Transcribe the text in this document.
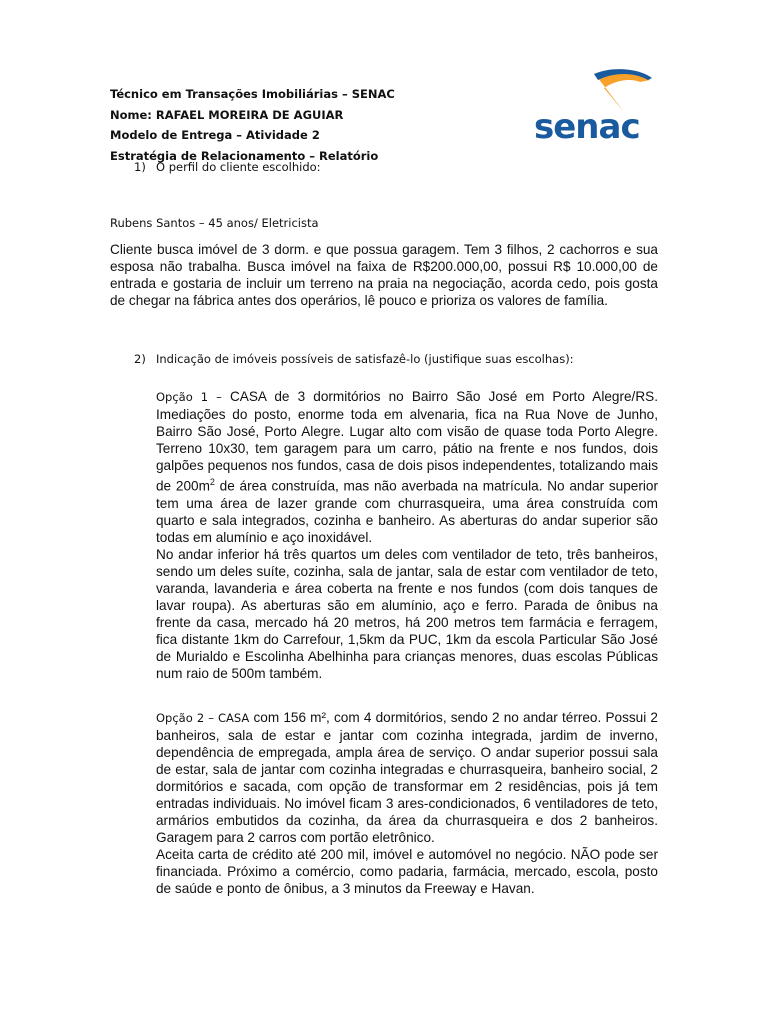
Técnico em Transações Imobiliárias – SENAC
Nome: RAFAEL MOREIRA DE AGUIAR
Modelo de Entrega – Atividade 2
Estratégia de Relacionamento – Relatório
senac
1) O perfil do cliente escolhido:
Rubens Santos – 45 anos/ Eletricista
Cliente busca imóvel de 3 dorm. e que possua garagem. Tem 3 filhos, 2 cachorros e sua esposa não trabalha. Busca imóvel na faixa de R$200.000,00, possui R$ 10.000,00 de entrada e gostaria de incluir um terreno na praia na negociação, acorda cedo, pois gosta de chegar na fábrica antes dos operários, lê pouco e prioriza os valores de família.
2) Indicação de imóveis possíveis de satisfazê-lo (justifique suas escolhas):
Opção 1 – CASA de 3 dormitórios no Bairro São José em Porto Alegre/RS. Imediações do posto, enorme toda em alvenaria, fica na Rua Nove de Junho, Bairro São José, Porto Alegre. Lugar alto com visão de quase toda Porto Alegre. Terreno 10x30, tem garagem para um carro, pátio na frente e nos fundos, dois galpões pequenos nos fundos, casa de dois pisos independentes, totalizando mais de $200m^2$ de área construída, mas não averbada na matrícula. No andar superior tem uma área de lazer grande com churrasqueira, uma área construída com quarto e sala integrados, cozinha e banheiro. As aberturas do andar superior são todas em alumínio e aço inoxidável.
No andar inferior há três quartos um deles com ventilador de teto, três banheiros, sendo um deles suíte, cozinha, sala de jantar, sala de estar com ventilador de teto, varanda, lavanderia e área coberta na frente e nos fundos (com dois tanques de lavar roupa). As aberturas são em alumínio, aço e ferro. Parada de ônibus na frente da casa, mercado há 20 metros, há 200 metros tem farmácia e ferragem, fica distante 1km do Carrefour, 1,5km da PUC, 1km da escola Particular São José de Murialdo e Escolinha Abelhinha para crianças menores, duas escolas Públicas num raio de 500m também.
Opção 2 – CASA com 156 m², com 4 dormitórios, sendo 2 no andar térreo. Possui 2 banheiros, sala de estar e jantar com cozinha integrada, jardim de inverno, dependência de empregada, ampla área de serviço. O andar superior possui sala de estar, sala de jantar com cozinha integradas e churrasqueira, banheiro social, 2 dormitórios e sacada, com opção de transformar em 2 residências, pois já tem entradas individuais. No imóvel ficam 3 ares-condicionados, 6 ventiladores de teto, armários embutidos da cozinha, da área da churrasqueira e dos 2 banheiros. Garagem para 2 carros com portão eletrônico.
Aceita carta de crédito até 200 mil, imóvel e automóvel no negócio. NÃO pode ser financiada. Próximo a comércio, como padaria, farmácia, mercado, escola, posto de saúde e ponto de ônibus, a 3 minutos da Freeway e Havan.
